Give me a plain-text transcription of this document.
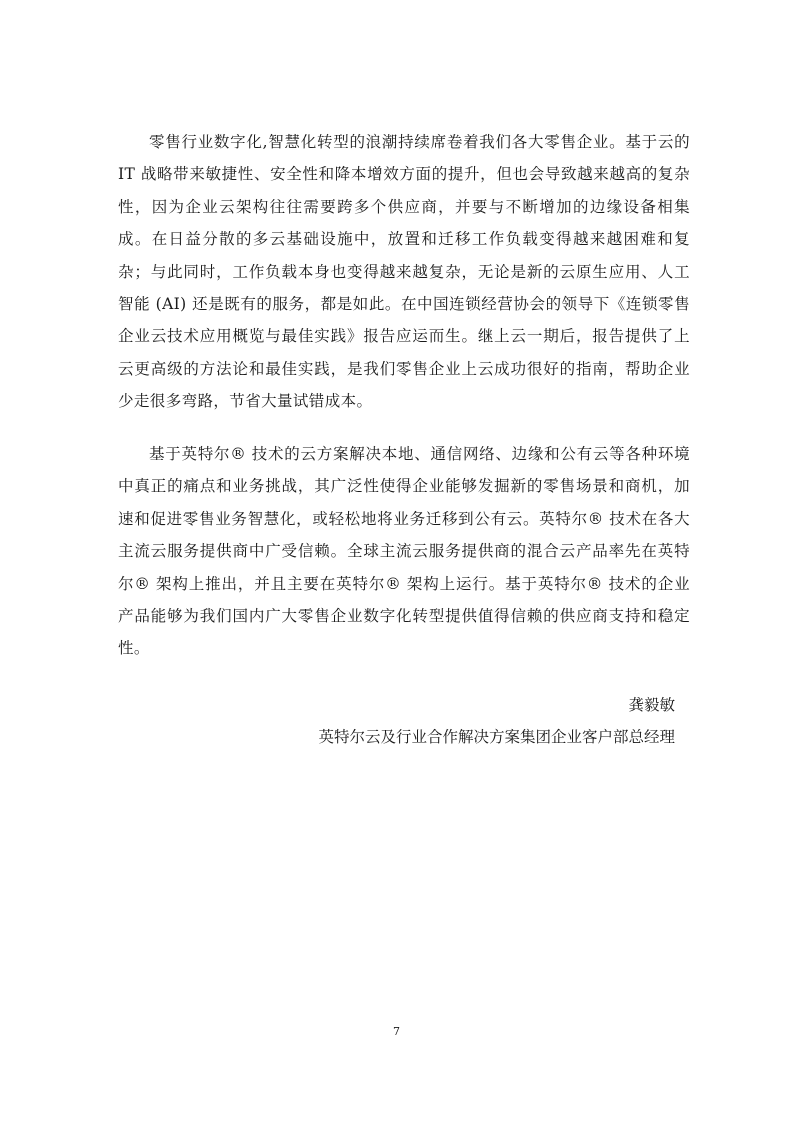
零售行业数字化,智慧化转型的浪潮持续席卷着我们各大零售企业。基于云的 IT 战略带来敏捷性、安全性和降本增效方面的提升，但也会导致越来越高的复杂性，因为企业云架构往往需要跨多个供应商，并要与不断增加的边缘设备相集成。在日益分散的多云基础设施中，放置和迁移工作负载变得越来越困难和复杂；与此同时，工作负载本身也变得越来越复杂，无论是新的云原生应用、人工智能 (AI) 还是既有的服务，都是如此。在中国连锁经营协会的领导下《连锁零售企业云技术应用概览与最佳实践》报告应运而生。继上云一期后，报告提供了上云更高级的方法论和最佳实践，是我们零售企业上云成功很好的指南，帮助企业少走很多弯路，节省大量试错成本。

基于英特尔® 技术的云方案解决本地、通信网络、边缘和公有云等各种环境中真正的痛点和业务挑战，其广泛性使得企业能够发掘新的零售场景和商机，加速和促进零售业务智慧化，或轻松地将业务迁移到公有云。英特尔® 技术在各大主流云服务提供商中广受信赖。全球主流云服务提供商的混合云产品率先在英特尔® 架构上推出，并且主要在英特尔® 架构上运行。基于英特尔® 技术的企业产品能够为我们国内广大零售企业数字化转型提供值得信赖的供应商支持和稳定性。

龚毅敏

英特尔云及行业合作解决方案集团企业客户部总经理

7
